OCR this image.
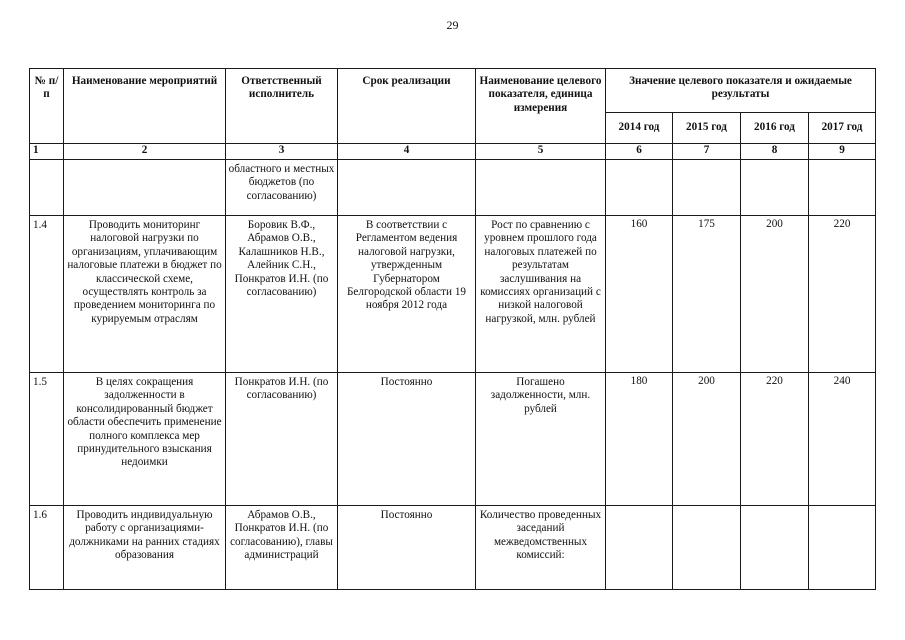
29
№ п/п	Наименование мероприятий	Ответственный исполнитель	Срок реализации	Наименование целевого показателя, единица измерения	Значение целевого показателя и ожидаемые результаты			
					2014 год	2015 год	2016 год	2017 год
1	2	3	4	5	6	7	8	9
		областного и местных бюджетов (по согласованию)						
1.4	Проводить мониторинг налоговой нагрузки по организациям, уплачивающим налоговые платежи в бюджет по классической схеме, осуществлять контроль за проведением мониторинга по курируемым отраслям	Боровик В.Ф., Абрамов О.В., Калашников Н.В., Алейник С.Н., Понкратов И.Н. (по согласованию)	В соответствии с Регламентом ведения налоговой нагрузки, утвержденным Губернатором Белгородской области 19 ноября 2012 года	Рост по сравнению с уровнем прошлого года налоговых платежей по результатам заслушивания на комиссиях организаций с низкой налоговой нагрузкой, млн. рублей	160	175	200	220
1.5	В целях сокращения задолженности в консолидированный бюджет области обеспечить применение полного комплекса мер принудительного взыскания недоимки	Понкратов И.Н. (по согласованию)	Постоянно	Погашено задолженности, млн. рублей	180	200	220	240
1.6	Проводить индивидуальную работу с организациями-должниками на ранних стадиях образования	Абрамов О.В., Понкратов И.Н. (по согласованию), главы администраций	Постоянно	Количество проведенных заседаний межведомственных комиссий:				
